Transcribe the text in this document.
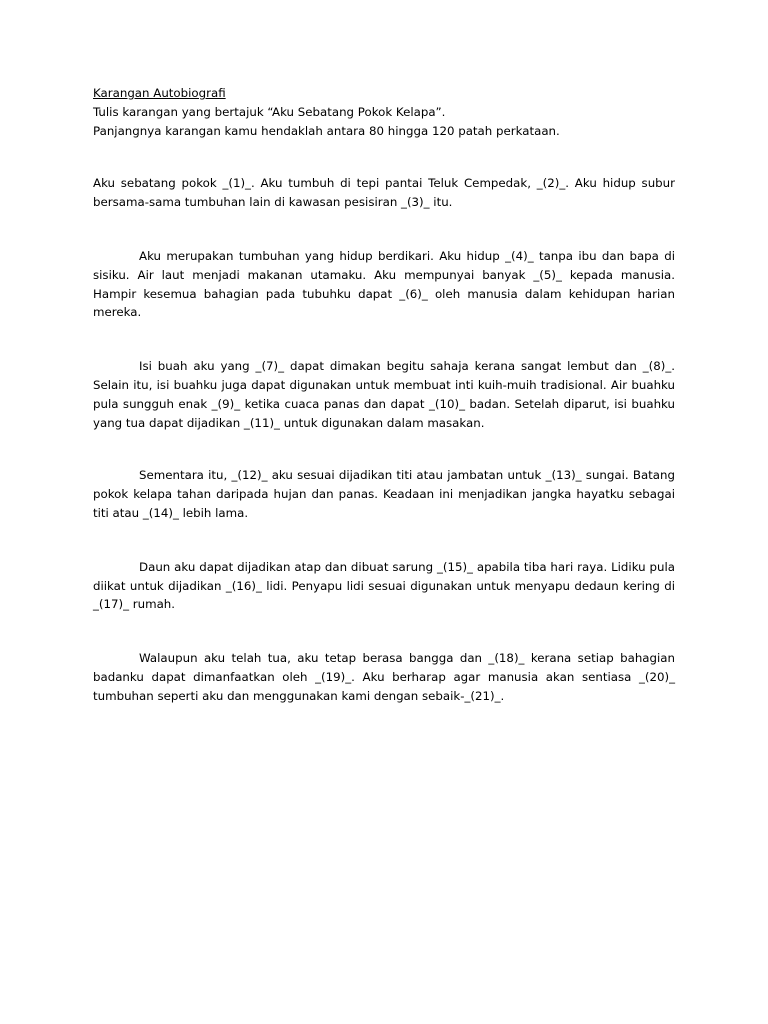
Karangan Autobiografi
Tulis karangan yang bertajuk “Aku Sebatang Pokok Kelapa”.
Panjangnya karangan kamu hendaklah antara 80 hingga 120 patah perkataan.

Aku sebatang pokok _(1)_. Aku tumbuh di tepi pantai Teluk Cempedak, _(2)_. Aku hidup subur bersama-sama tumbuhan lain di kawasan pesisiran _(3)_ itu.

Aku merupakan tumbuhan yang hidup berdikari. Aku hidup _(4)_ tanpa ibu dan bapa di sisiku. Air laut menjadi makanan utamaku. Aku mempunyai banyak _(5)_ kepada manusia. Hampir kesemua bahagian pada tubuhku dapat _(6)_ oleh manusia dalam kehidupan harian mereka.

Isi buah aku yang _(7)_ dapat dimakan begitu sahaja kerana sangat lembut dan _(8)_. Selain itu, isi buahku juga dapat digunakan untuk membuat inti kuih-muih tradisional. Air buahku pula sungguh enak _(9)_ ketika cuaca panas dan dapat _(10)_ badan. Setelah diparut, isi buahku yang tua dapat dijadikan _(11)_ untuk digunakan dalam masakan.

Sementara itu, _(12)_ aku sesuai dijadikan titi atau jambatan untuk _(13)_ sungai. Batang pokok kelapa tahan daripada hujan dan panas. Keadaan ini menjadikan jangka hayatku sebagai titi atau _(14)_ lebih lama.

Daun aku dapat dijadikan atap dan dibuat sarung _(15)_ apabila tiba hari raya. Lidiku pula diikat untuk dijadikan _(16)_ lidi. Penyapu lidi sesuai digunakan untuk menyapu dedaun kering di _(17)_ rumah.

Walaupun aku telah tua, aku tetap berasa bangga dan _(18)_ kerana setiap bahagian badanku dapat dimanfaatkan oleh _(19)_. Aku berharap agar manusia akan sentiasa _(20)_ tumbuhan seperti aku dan menggunakan kami dengan sebaik-_(21)_.
